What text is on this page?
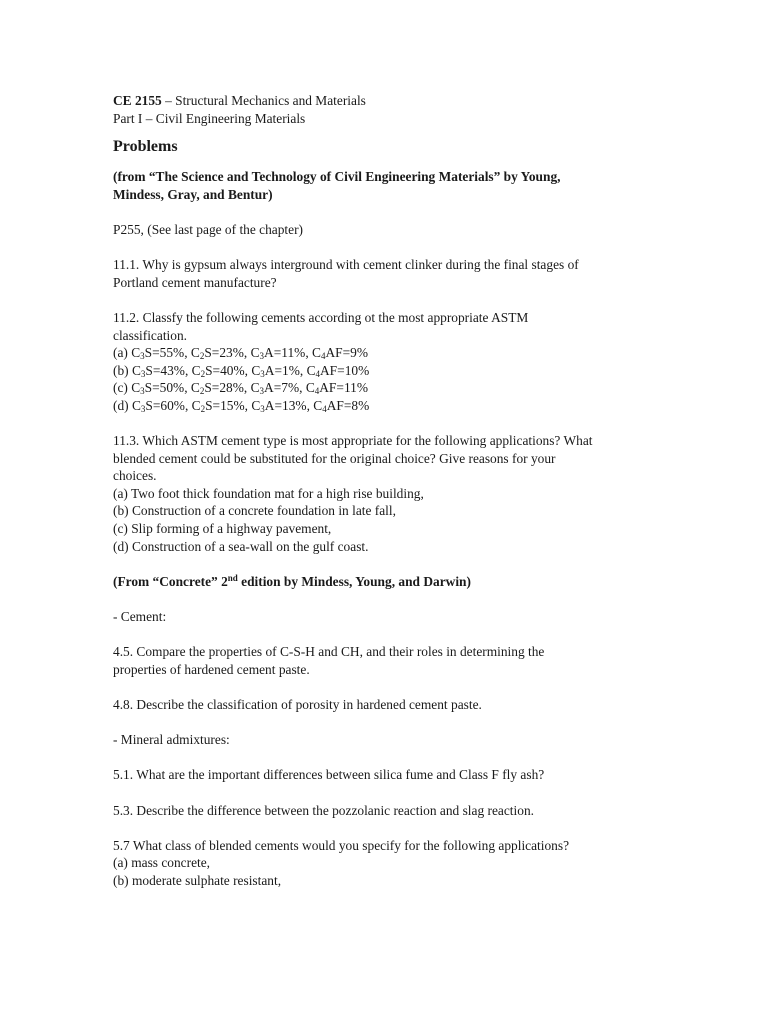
CE 2155 – Structural Mechanics and Materials
Part I – Civil Engineering Materials
Problems
(from “The Science and Technology of Civil Engineering Materials” by Young,
Mindess, Gray, and Bentur)
P255, (See last page of the chapter)
11.1. Why is gypsum always interground with cement clinker during the final stages of
Portland cement manufacture?
11.2. Classfy the following cements according ot the most appropriate ASTM
classification.
(a) $C_3S=55\%$, $C_2S=23\%$, $C_3A=11\%$, $C_4AF=9\%$
(b) $C_3S=43\%$, $C_2S=40\%$, $C_3A=1\%$, $C_4AF=10\%$
(c) $C_3S=50\%$, $C_2S=28\%$, $C_3A=7\%$, $C_4AF=11\%$
(d) $C_3S=60\%$, $C_2S=15\%$, $C_3A=13\%$, $C_4AF=8\%$
11.3. Which ASTM cement type is most appropriate for the following applications? What
blended cement could be substituted for the original choice? Give reasons for your
choices.
(a) Two foot thick foundation mat for a high rise building,
(b) Construction of a concrete foundation in late fall,
(c) Slip forming of a highway pavement,
(d) Construction of a sea-wall on the gulf coast.
(From “Concrete” 2nd edition by Mindess, Young, and Darwin)
- Cement:
4.5. Compare the properties of C-S-H and CH, and their roles in determining the
properties of hardened cement paste.
4.8. Describe the classification of porosity in hardened cement paste.
- Mineral admixtures:
5.1. What are the important differences between silica fume and Class F fly ash?
5.3. Describe the difference between the pozzolanic reaction and slag reaction.
5.7 What class of blended cements would you specify for the following applications?
(a) mass concrete,
(b) moderate sulphate resistant,
